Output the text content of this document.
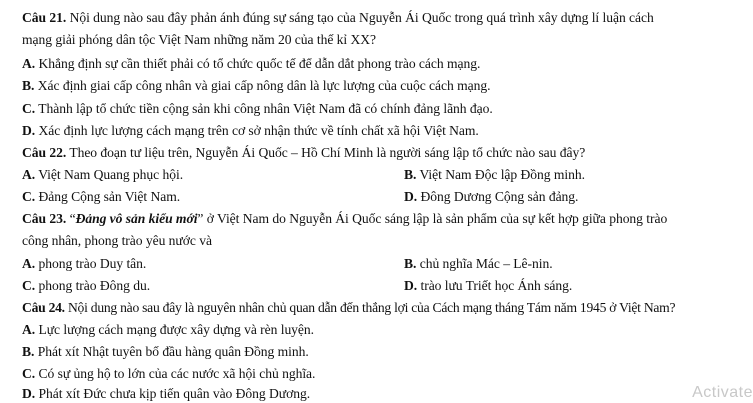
Câu 21. Nội dung nào sau đây phản ánh đúng sự sáng tạo của Nguyễn Ái Quốc trong quá trình xây dựng lí luận cách
mạng giải phóng dân tộc Việt Nam những năm 20 của thế kỉ XX?
A. Khẳng định sự cần thiết phải có tổ chức quốc tế để dẫn dắt phong trào cách mạng.
B. Xác định giai cấp công nhân và giai cấp nông dân là lực lượng của cuộc cách mạng.
C. Thành lập tổ chức tiền cộng sản khi công nhân Việt Nam đã có chính đảng lãnh đạo.
D. Xác định lực lượng cách mạng trên cơ sở nhận thức về tính chất xã hội Việt Nam.
Câu 22. Theo đoạn tư liệu trên, Nguyễn Ái Quốc – Hồ Chí Minh là người sáng lập tổ chức nào sau đây?
A. Việt Nam Quang phục hội.	B. Việt Nam Độc lập Đồng minh.
C. Đảng Cộng sản Việt Nam.	D. Đông Dương Cộng sản đảng.
Câu 23. “Đảng vô sản kiểu mới” ở Việt Nam do Nguyễn Ái Quốc sáng lập là sản phẩm của sự kết hợp giữa phong trào
công nhân, phong trào yêu nước và
A. phong trào Duy tân.	B. chủ nghĩa Mác – Lê-nin.
C. phong trào Đông du.	D. trào lưu Triết học Ánh sáng.
Câu 24. Nội dung nào sau đây là nguyên nhân chủ quan dẫn đến thắng lợi của Cách mạng tháng Tám năm 1945 ở Việt Nam?
A. Lực lượng cách mạng được xây dựng và rèn luyện.
B. Phát xít Nhật tuyên bố đầu hàng quân Đồng minh.
C. Có sự ủng hộ to lớn của các nước xã hội chủ nghĩa.
D. Phát xít Đức chưa kịp tiến quân vào Đông Dương.	Activate
